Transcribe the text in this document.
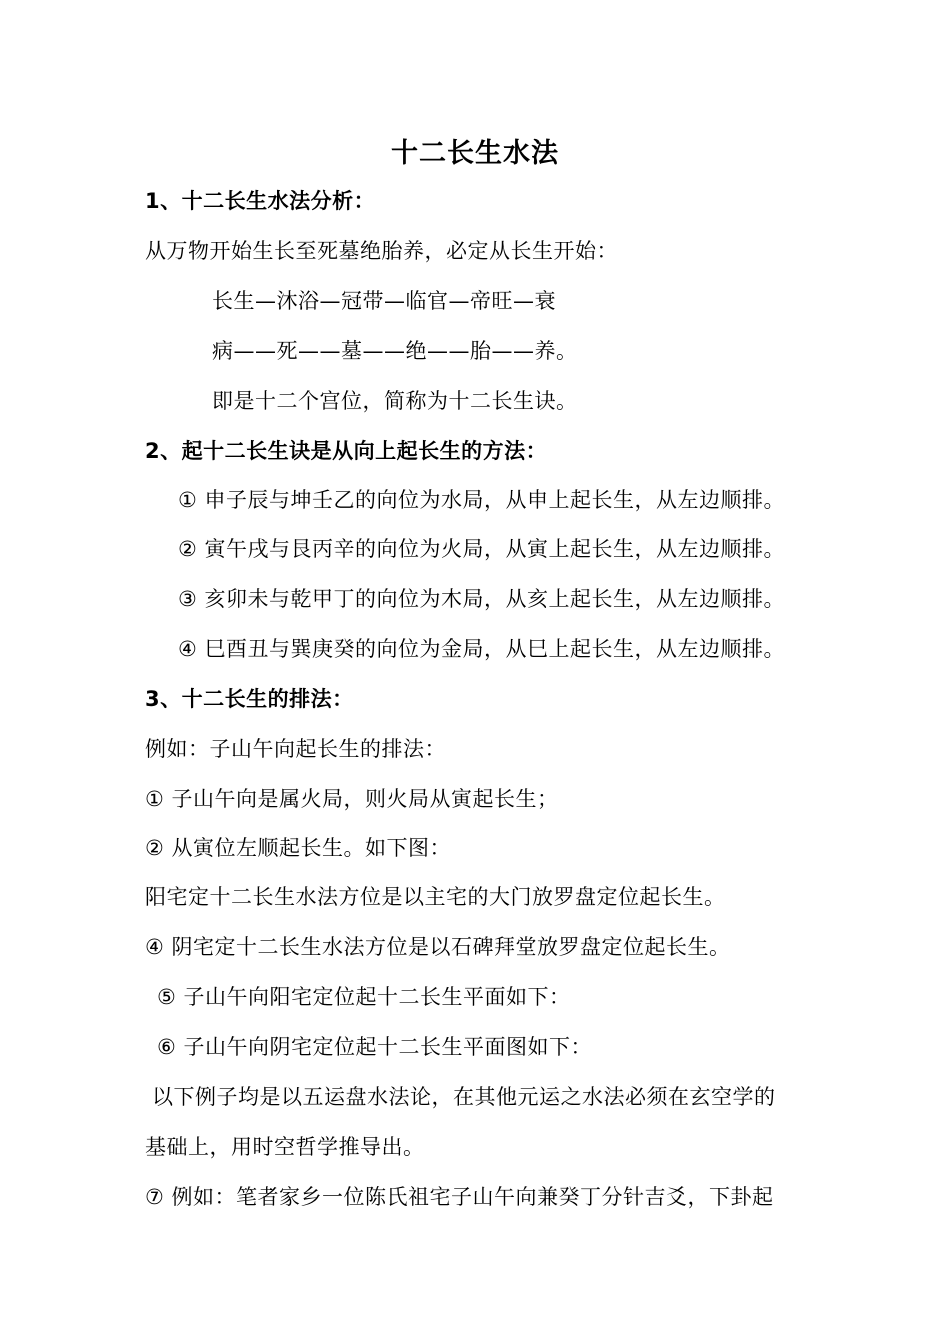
十二长生水法
1、十二长生水法分析：
从万物开始生长至死墓绝胎养，必定从长生开始：
长生—沐浴—冠带—临官—帝旺—衰
病——死——墓——绝——胎——养。
即是十二个宫位，简称为十二长生诀。
2、起十二长生诀是从向上起长生的方法：
① 申子辰与坤壬乙的向位为水局，从申上起长生，从左边顺排。
② 寅午戌与艮丙辛的向位为火局，从寅上起长生，从左边顺排。
③ 亥卯未与乾甲丁的向位为木局，从亥上起长生，从左边顺排。
④ 巳酉丑与巽庚癸的向位为金局，从巳上起长生，从左边顺排。
3、十二长生的排法：
例如：子山午向起长生的排法：
① 子山午向是属火局，则火局从寅起长生；
② 从寅位左顺起长生。如下图：
阳宅定十二长生水法方位是以主宅的大门放罗盘定位起长生。
④ 阴宅定十二长生水法方位是以石碑拜堂放罗盘定位起长生。
⑤ 子山午向阳宅定位起十二长生平面如下：
⑥ 子山午向阴宅定位起十二长生平面图如下：
以下例子均是以五运盘水法论，在其他元运之水法必须在玄空学的
基础上，用时空哲学推导出。
⑦ 例如：笔者家乡一位陈氏祖宅子山午向兼癸丁分针吉爻，下卦起
